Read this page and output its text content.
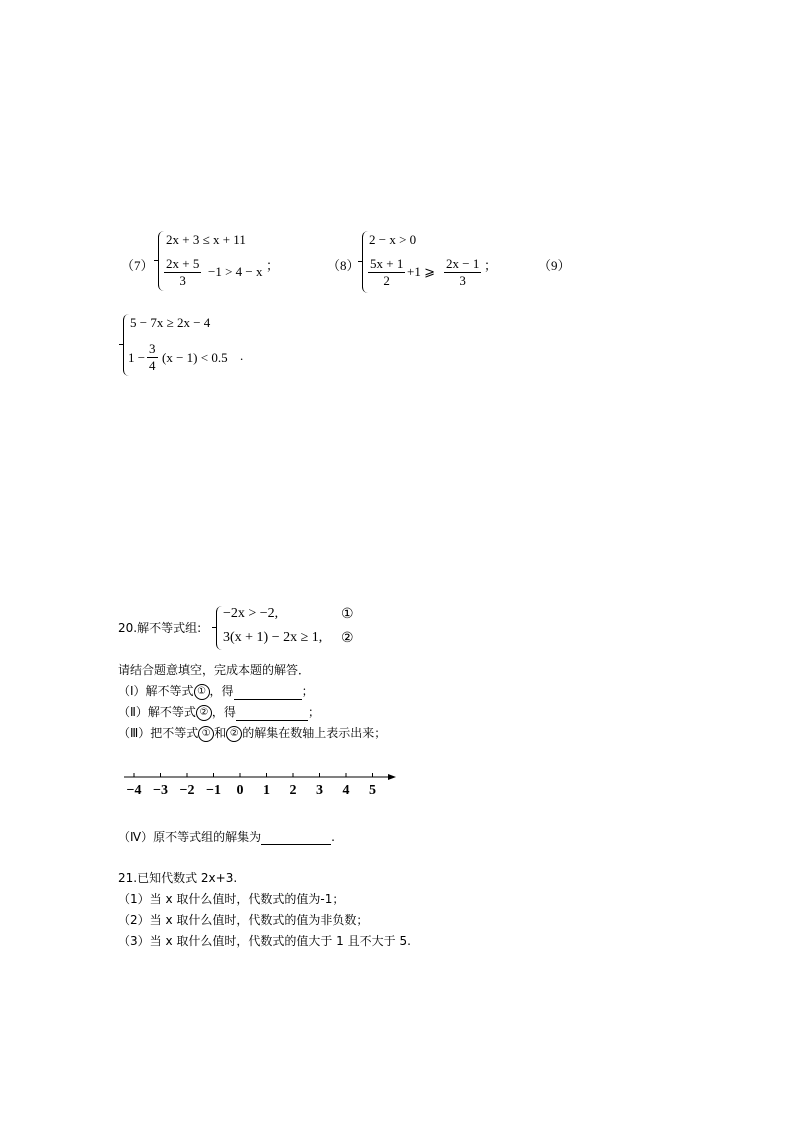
（7）
2x + 3 ≤ x + 11
$\frac{2x + 5}{3} -1 > 4 - x$ ；	（8）
2 − x > 0
$\frac{5x + 1}{2} +1$ ⩾ $\frac{2x - 1}{3}$ ；	（9）
5 − 7x ≥ 2x − 4
$1 - \frac{3}{4} (x - 1) < 0.5$ .
20.解不等式组:
−2x > −2,	①
3(x + 1) − 2x ≥ 1, ②
请结合题意填空，完成本题的解答．
（Ⅰ）解不等式 ① ，得	；
（Ⅱ）解不等式 ② ，得	；
（Ⅲ）把不等式 ① 和 ② 的解集在数轴上表示出来；
−4 −3 −2 −1 0 1 2 3 4 5
（Ⅳ）原不等式组的解集为	.
21.已知代数式 2x+3.
（1）当 x 取什么值时，代数式的值为-1；
（2）当 x 取什么值时，代数式的值为非负数；
（3）当 x 取什么值时，代数式的值大于 1 且不大于 5.
